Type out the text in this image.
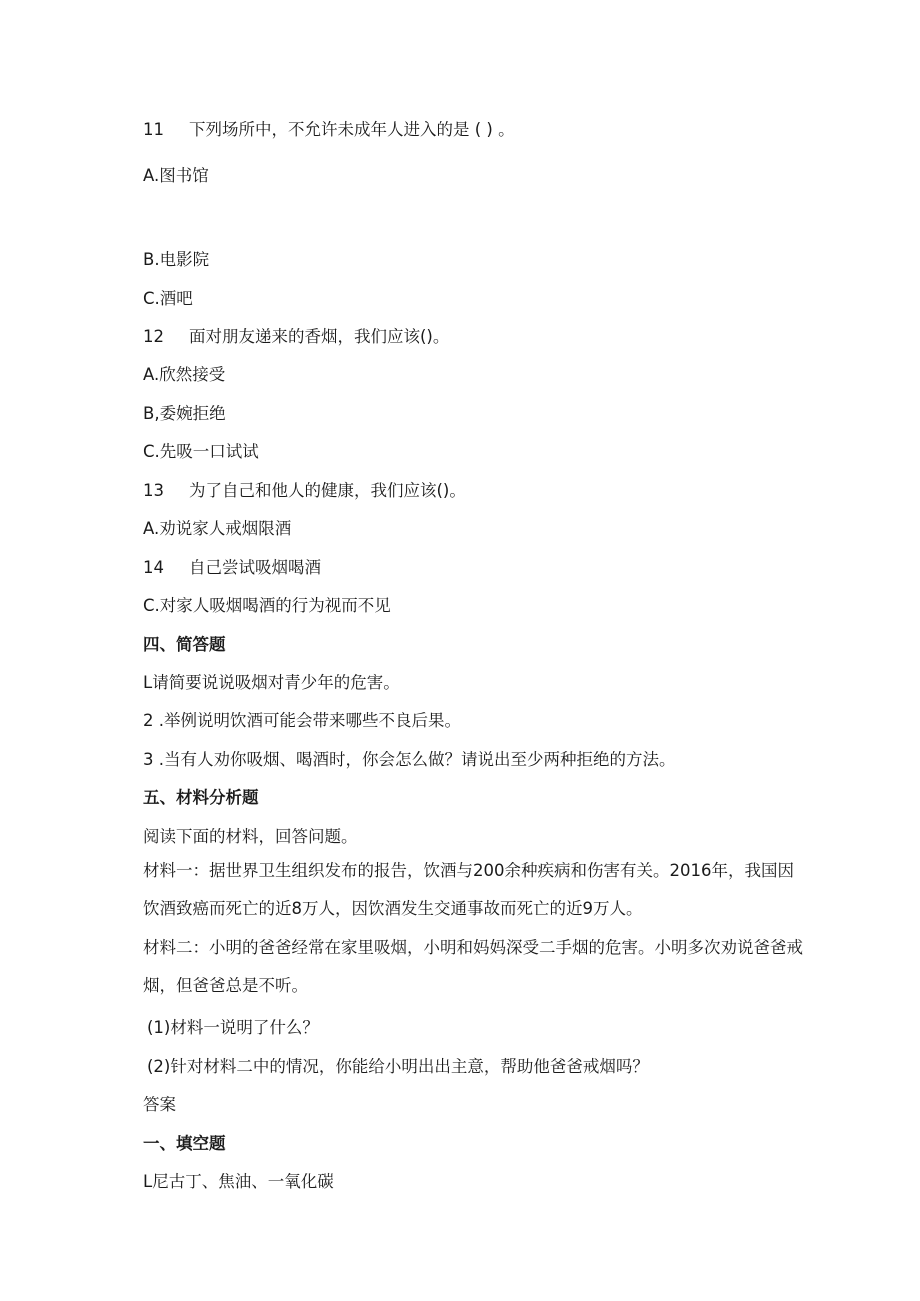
11 下列场所中，不允许未成年人进入的是 ( ) 。
A.图书馆
B.电影院
C.酒吧
12 面对朋友递来的香烟，我们应该()。
A.欣然接受
B,委婉拒绝
C.先吸一口试试
13 为了自己和他人的健康，我们应该()。
A.劝说家人戒烟限酒
14 自己尝试吸烟喝酒
C.对家人吸烟喝酒的行为视而不见
四、简答题
L请简要说说吸烟对青少年的危害。
2 .举例说明饮酒可能会带来哪些不良后果。
3 .当有人劝你吸烟、喝酒时，你会怎么做？请说出至少两种拒绝的方法。
五、材料分析题
阅读下面的材料，回答问题。
材料一：据世界卫生组织发布的报告，饮酒与200余种疾病和伤害有关。2016年，我国因饮酒致癌而死亡的近8万人，因饮酒发生交通事故而死亡的近9万人。
材料二：小明的爸爸经常在家里吸烟，小明和妈妈深受二手烟的危害。小明多次劝说爸爸戒烟，但爸爸总是不听。
(1)材料一说明了什么？
(2)针对材料二中的情况，你能给小明出出主意，帮助他爸爸戒烟吗？
答案
一、填空题
L尼古丁、焦油、一氧化碳
